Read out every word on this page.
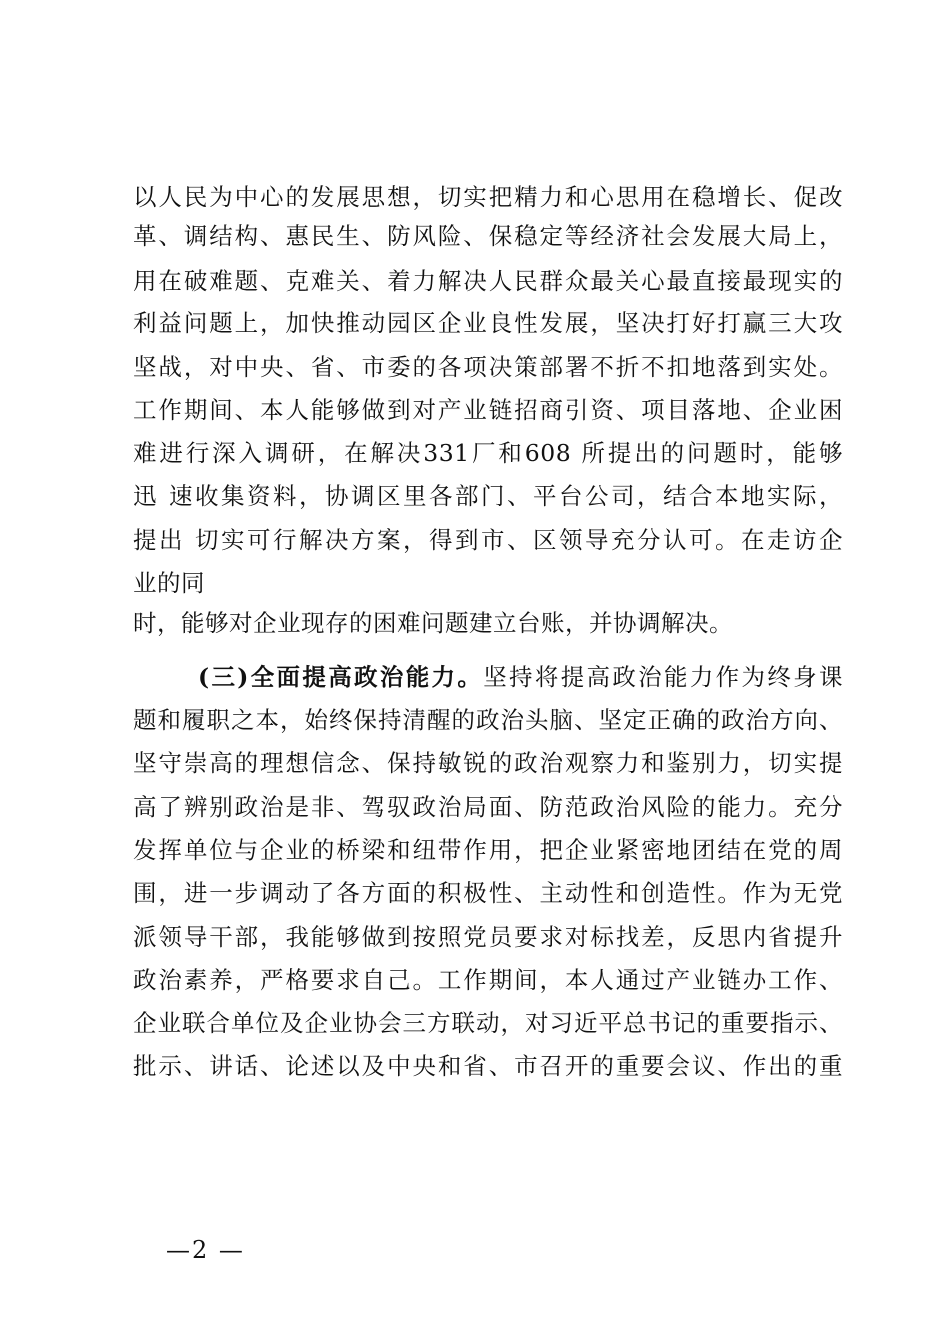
以人民为中心的发展思想，切实把精力和心思用在稳增长、促改
革、调结构、惠民生、防风险、保稳定等经济社会发展大局上，
用在破难题、克难关、着力解决人民群众最关心最直接最现实的
利益问题上，加快推动园区企业良性发展，坚决打好打赢三大攻
坚战，对中央、省、市委的各项决策部署不折不扣地落到实处。
工作期间、本人能够做到对产业链招商引资、项目落地、企业困
难进行深入调研，在解决331厂和608 所提出的问题时，能够
迅 速收集资料，协调区里各部门、平台公司，结合本地实际，
提出 切实可行解决方案，得到市、区领导充分认可。在走访企
业的同
时，能够对企业现存的困难问题建立台账，并协调解决。
(三)全面提高政治能力。坚持将提高政治能力作为终身课
题和履职之本，始终保持清醒的政治头脑、坚定正确的政治方向、
坚守崇高的理想信念、保持敏锐的政治观察力和鉴别力，切实提
高了辨别政治是非、驾驭政治局面、防范政治风险的能力。充分
发挥单位与企业的桥梁和纽带作用，把企业紧密地团结在党的周
围，进一步调动了各方面的积极性、主动性和创造性。作为无党
派领导干部，我能够做到按照党员要求对标找差，反思内省提升
政治素养，严格要求自己。工作期间，本人通过产业链办工作、
企业联合单位及企业协会三方联动，对习近平总书记的重要指示、
批示、讲话、论述以及中央和省、市召开的重要会议、作出的重
—2 —
